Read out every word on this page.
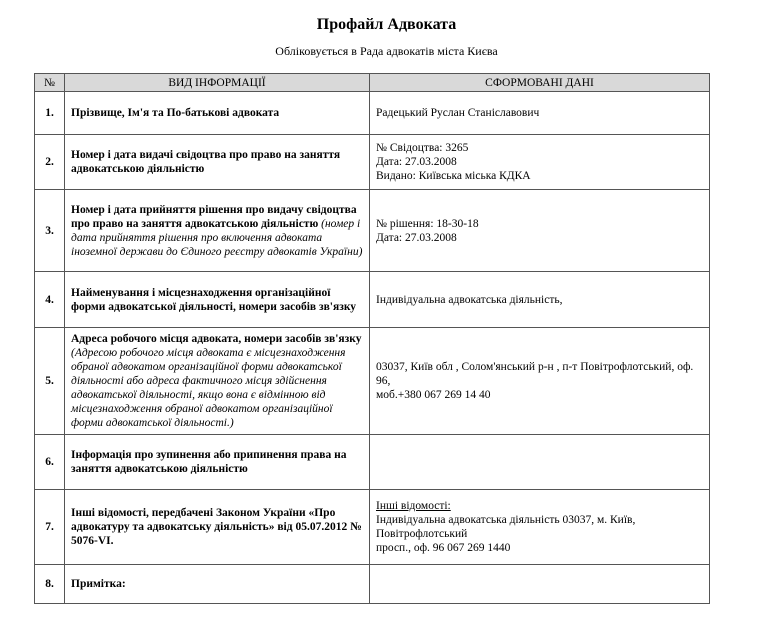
Профайл Адвоката
Обліковується в Рада адвокатів міста Києва
№	ВИД ІНФОРМАЦІЇ	СФОРМОВАНІ ДАНІ
1.	Прізвище, Ім'я та По-батькові адвоката	Радецький Руслан Станіславович
2.	Номер і дата видачі свідоцтва про право на заняття адвокатською діяльністю	№ Свідоцтва: 3265
Дата: 27.03.2008
Видано: Київська міська КДКА

3.	Номер і дата прийняття рішення про видачу свідоцтва про право на заняття адвокатською діяльністю (номер і дата прийняття рішення про включення адвоката іноземної держави до Єдиного реєстру адвокатів України)	№ рішення: 18-30-18
Дата: 27.03.2008

4.	Найменування і місцезнаходження організаційної форми адвокатської діяльності, номери засобів зв'язку	Індивідуальна адвокатська діяльність,
5.	Адреса робочого місця адвоката, номери засобів зв'язку (Адресою робочого місця адвоката є місцезнаходження обраної адвокатом організаційної форми адвокатської діяльності або адреса фактичного місця здійснення адвокатської діяльності, якщо вона є відмінною від місцезнаходження обраної адвокатом організаційної форми адвокатської діяльності.)	03037, Київ обл , Солом'янський р-н , п-т Повітрофлотський, оф. 96,
моб.+380 067 269 14 40

6.	Інформація про зупинення або припинення права на заняття адвокатською діяльністю	
7.	Інші відомості, передбачені Законом України «Про адвокатуру та адвокатську діяльність» від 05.07.2012 № 5076-VI.	Інші відомості:
Індивідуальна адвокатська діяльність 03037, м. Київ, Повітрофлотський
просп., оф. 96 067 269 1440

8.	Примітка:	
